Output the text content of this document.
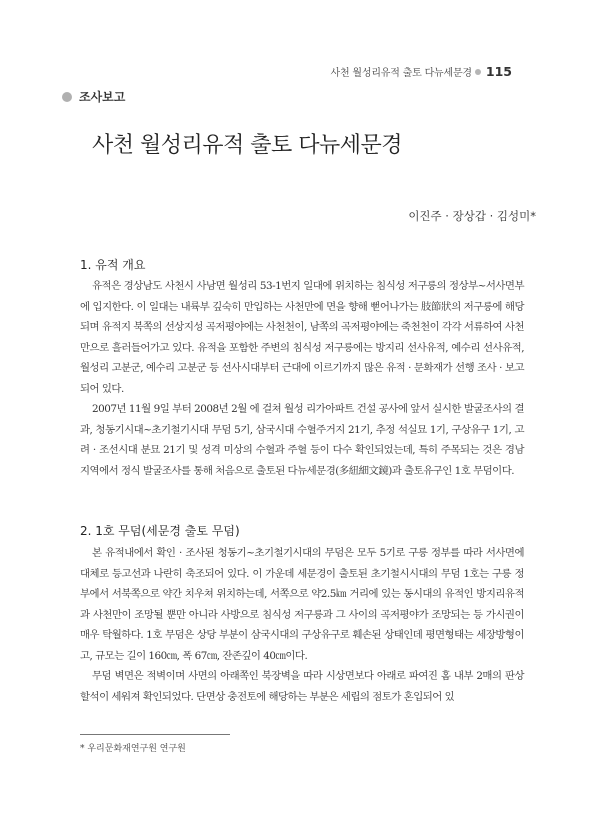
사천 월성리유적 출토 다뉴세문경 115
조사보고
사천 월성리유적 출토 다뉴세문경
이진주 · 장상갑 · 김성미*
1. 유적 개요

유적은 경상남도 사천시 사남면 월성리 53-1번지 일대에 위치하는 침식성 저구릉의 정상부~서사면부에 입지한다. 이 일대는 내륙부 깊숙히 만입하는 사천만에 면을 향해 뻗어나가는 肢節狀의 저구릉에 해당되며 유적지 북쪽의 선상지성 곡저평야에는 사천천이, 남쪽의 곡저평야에는 죽천천이 각각 서류하여 사천만으로 흘러들어가고 있다. 유적을 포함한 주변의 침식성 저구릉에는 방지리 선사유적, 예수리 선사유적, 월성리 고분군, 예수리 고분군 등 선사시대부터 근대에 이르기까지 많은 유적 · 문화재가 선행 조사 · 보고되어 있다.

2007년 11월 9일 부터 2008년 2월 에 걸쳐 월성 리가아파트 건설 공사에 앞서 실시한 발굴조사의 결과, 청동기시대~초기철기시대 무덤 5기, 삼국시대 수혈주거지 21기, 추정 석실묘 1기, 구상유구 1기, 고려 · 조선시대 분묘 21기 및 성격 미상의 수혈과 주혈 등이 다수 확인되었는데, 특히 주목되는 것은 경남지역에서 정식 발굴조사를 통해 처음으로 출토된 다뉴세문경(多紐細文鏡)과 출토유구인 1호 무덤이다.

2. 1호 무덤(세문경 출토 무덤)

본 유적내에서 확인 · 조사된 청동기~초기철기시대의 무덤은 모두 5기로 구릉 정부를 따라 서사면에 대체로 등고선과 나란히 축조되어 있다. 이 가운데 세문경이 출토된 초기철시시대의 무덤 1호는 구릉 정부에서 서북쪽으로 약간 치우쳐 위치하는데, 서쪽으로 약2.5㎞ 거리에 있는 동시대의 유적인 방지리유적과 사천만이 조망될 뿐만 아니라 사방으로 침식성 저구릉과 그 사이의 곡저평야가 조망되는 등 가시권이 매우 탁월하다. 1호 무덤은 상당 부분이 삼국시대의 구상유구로 훼손된 상태인데 평면형태는 세장방형이고, 규모는 길이 160㎝, 폭 67㎝, 잔존깊이 40㎝이다.

무덤 벽면은 적벽이며 사면의 아래쪽인 북장벽을 따라 시상면보다 아래로 파여진 홈 내부 2매의 판상할석이 세워져 확인되었다. 단면상 충전토에 해당하는 부분은 세립의 점토가 혼입되어 있

* 우리문화재연구원 연구원
